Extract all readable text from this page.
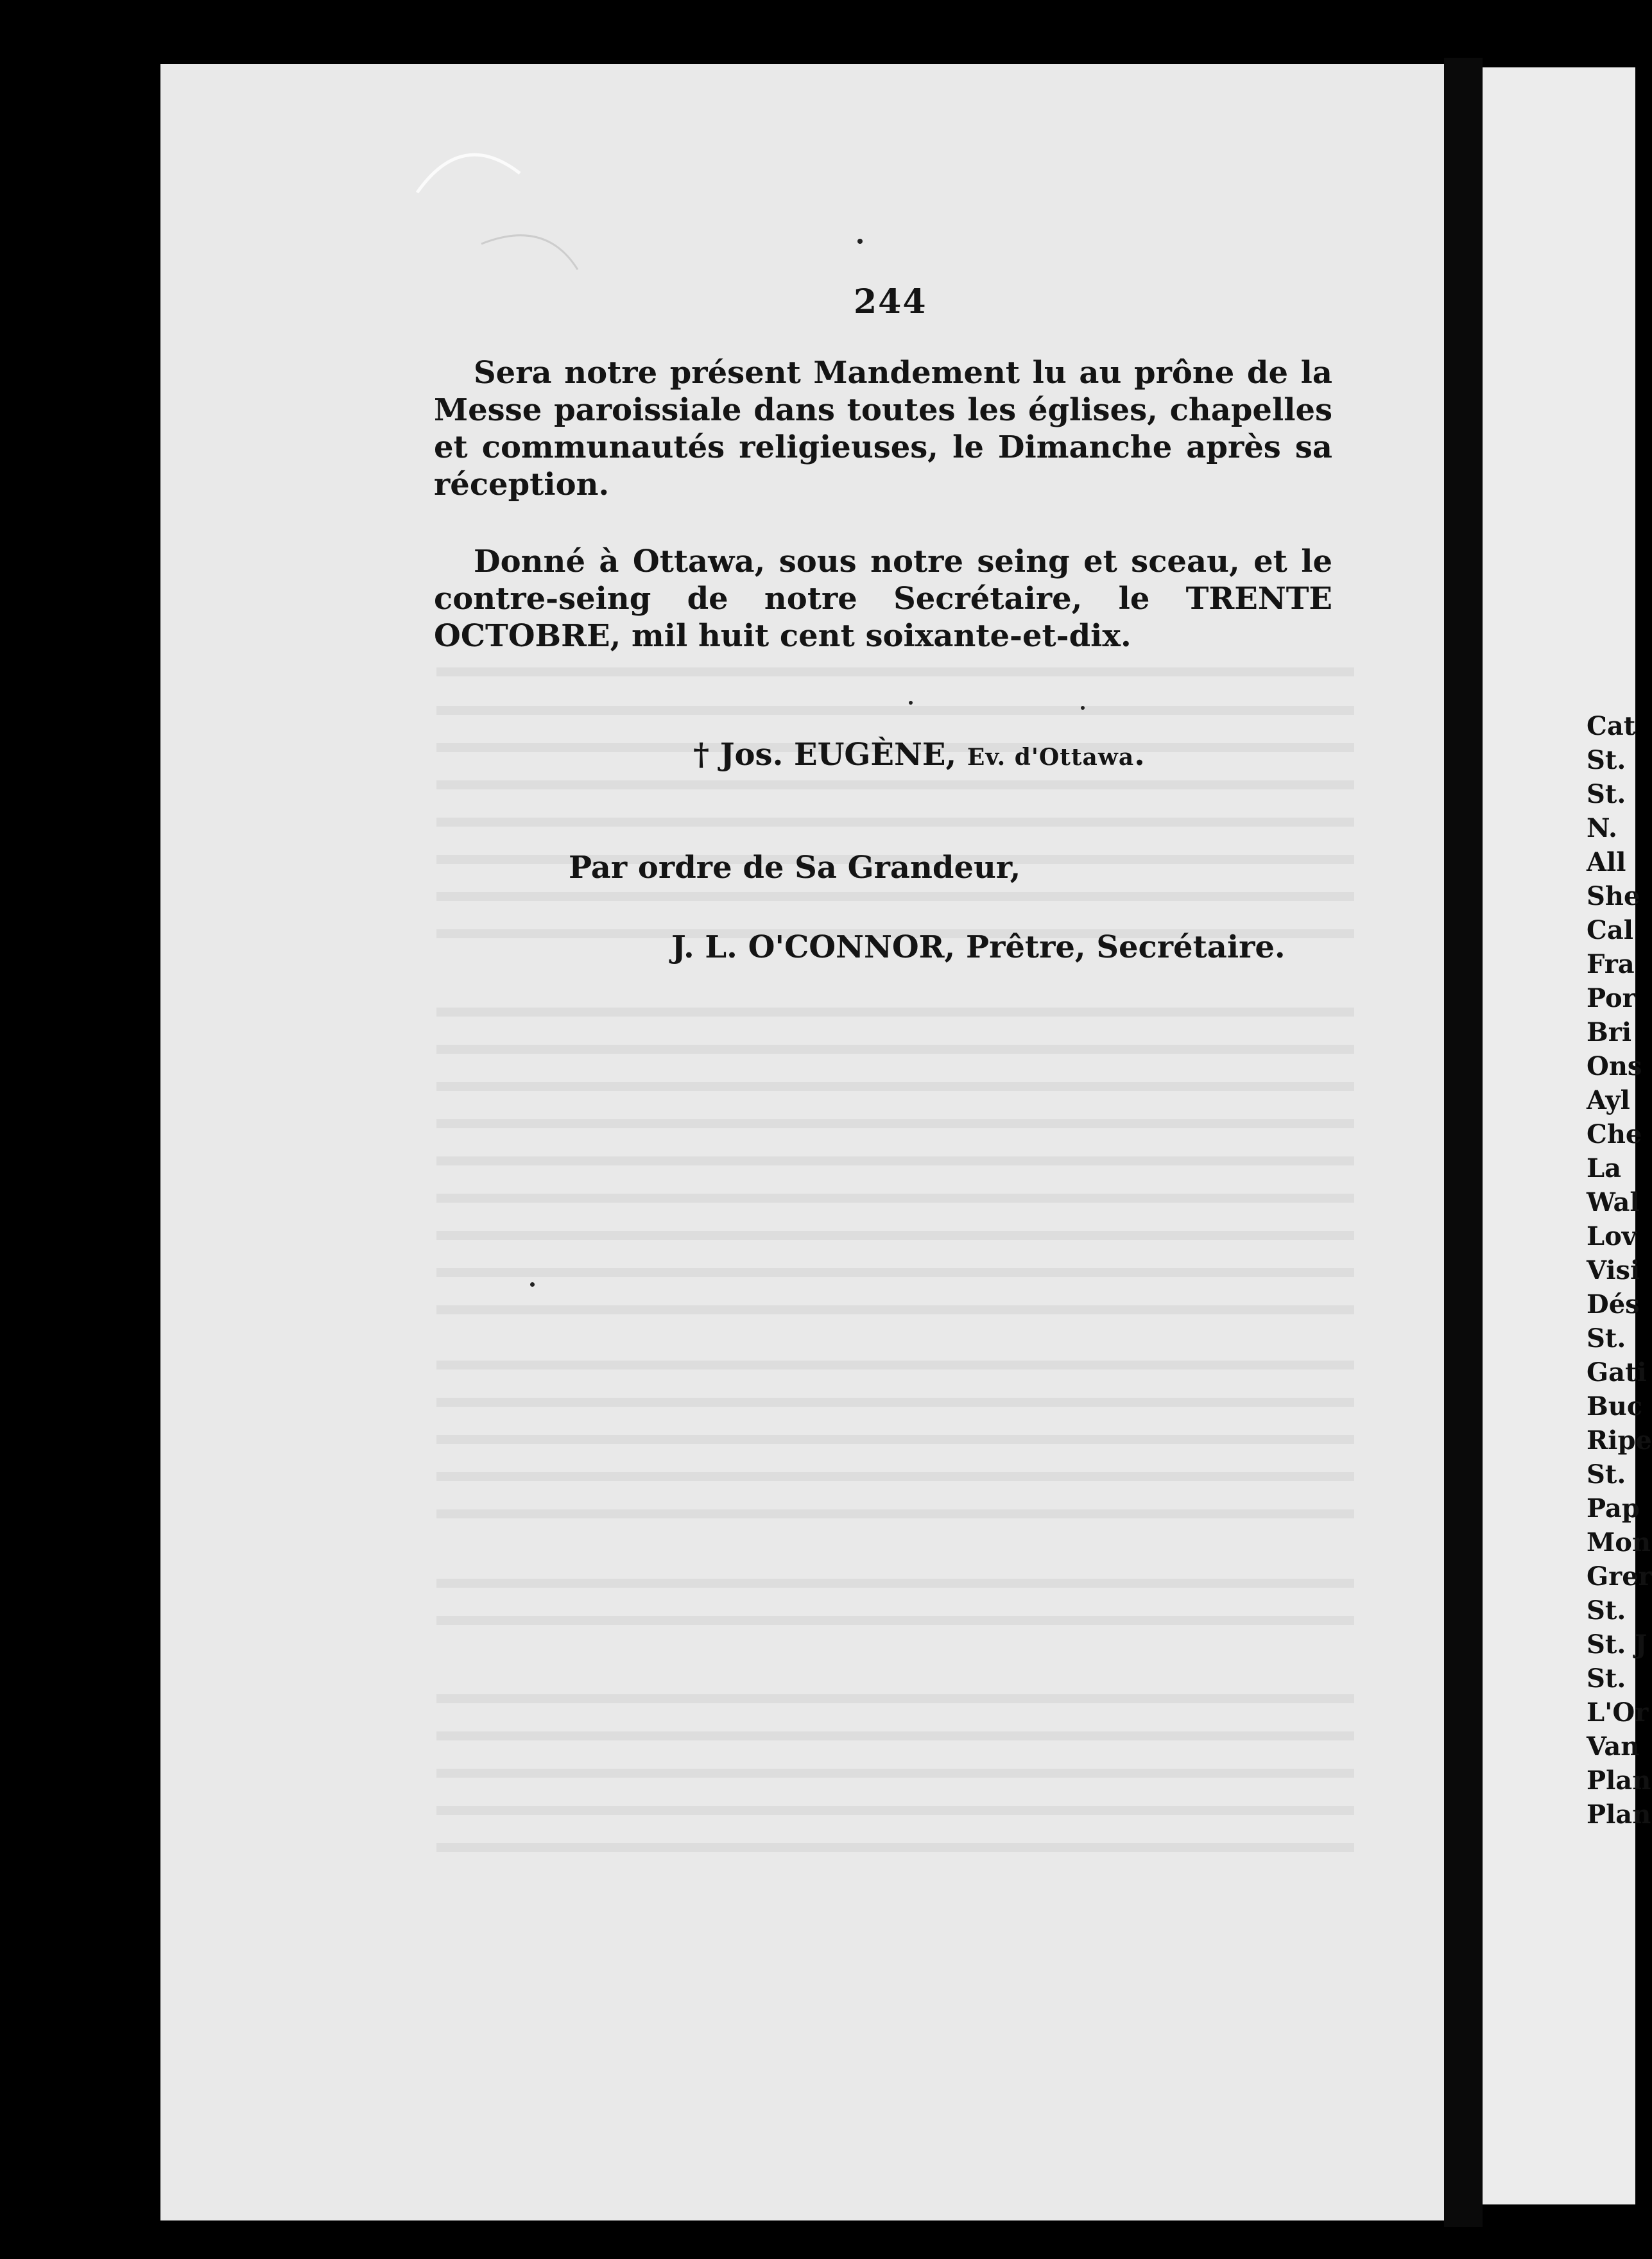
244

Sera notre présent Mandement lu au prône de la Messe paroissiale dans toutes les églises, chapelles et communautés religieuses, le Dimanche après sa réception.

Donné à Ottawa, sous notre seing et sceau, et le contre-seing de notre Secrétaire, le TRENTE OCTOBRE, mil huit cent soixante-et-dix.

† Jos. EUGÈNE, Ev. d'Ottawa.
Par ordre de Sa Grandeur,
J. L. O'CONNOR, Prêtre, Secrétaire.
Cat
St.
St.
N.
All
She
Cal
Fra
Por
Bri
Ons
Ayl
Che
La
Wal
Lov
Visi
Dés
St.
Gati
Buc
Ripe
St.
Pap
Mon
Grer
St.
St. J
St.
L'Or
Van
Plan
Plan
